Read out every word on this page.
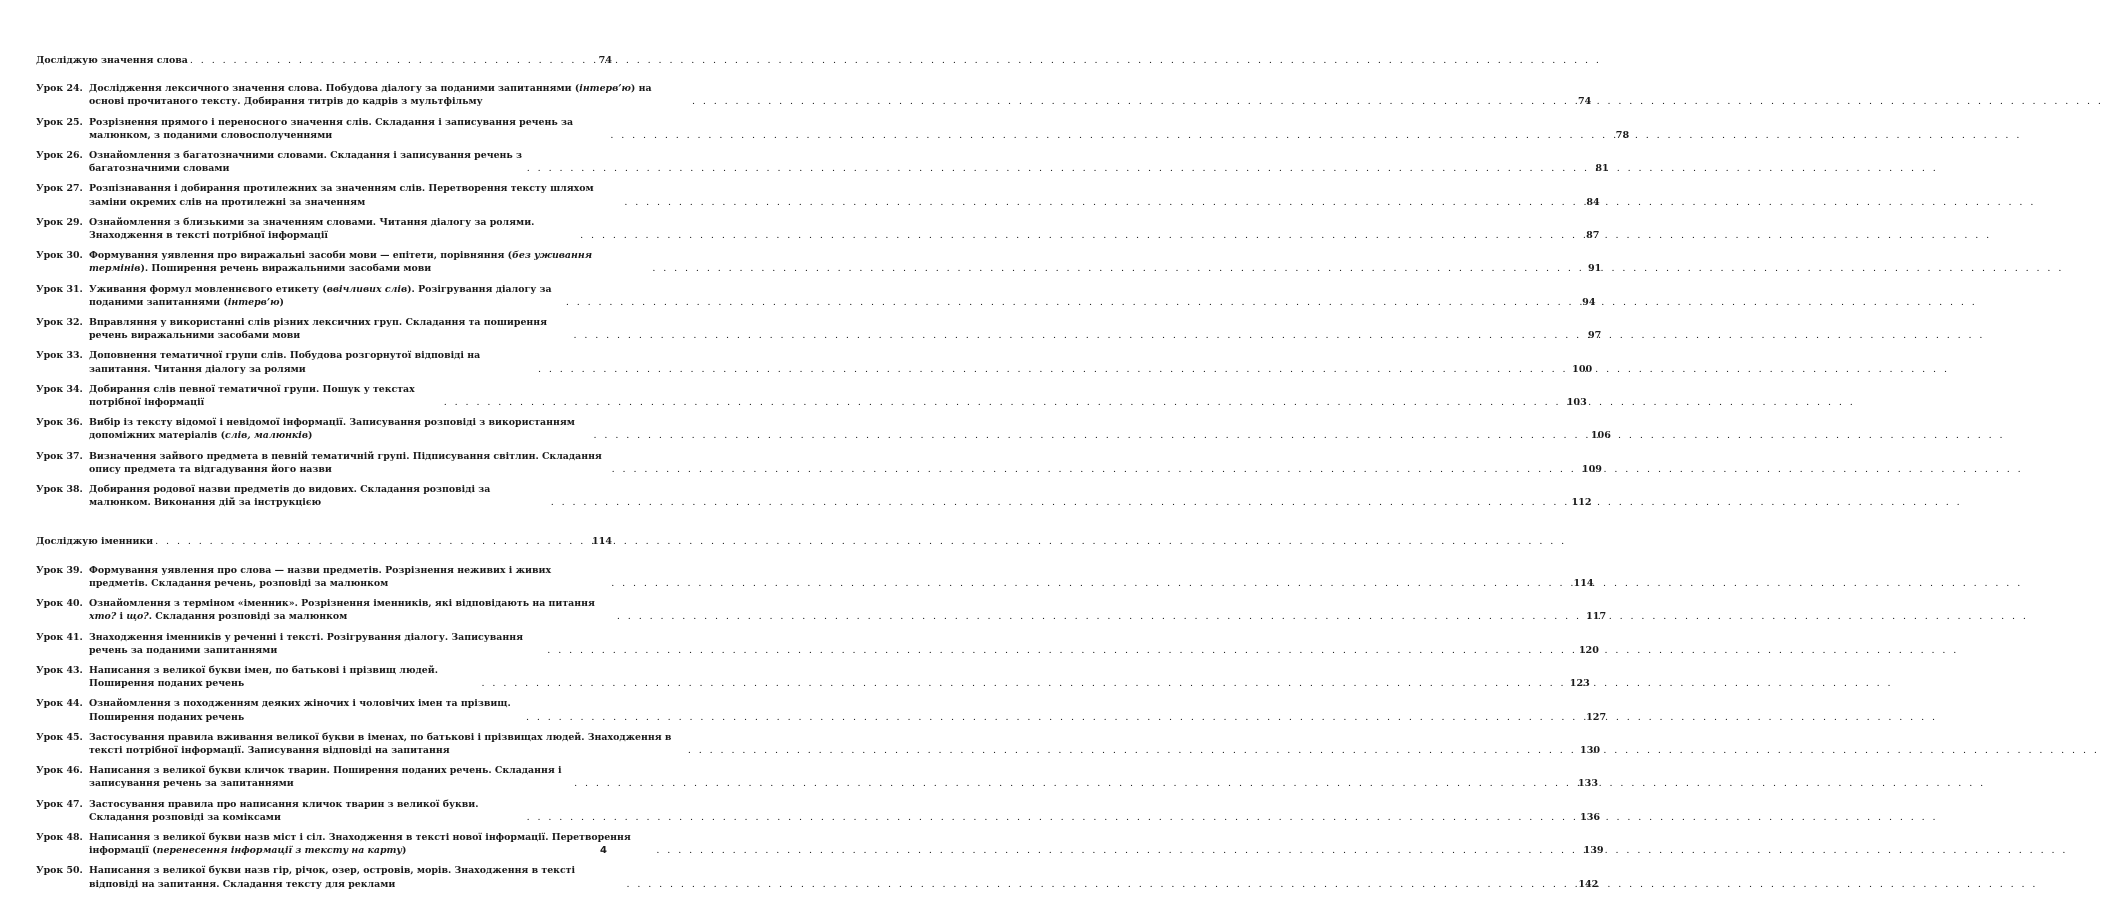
Досліджую значення слова . . .	74
Урок 24. Дослідження лексичного значення слова. Побудова діалогу за поданими запитаннями (інтерв’ю) на основі прочитаного тексту. Добирання титрів до кадрів з мультфільму . . .	74
Урок 25. Розрізнення прямого і переносного значення слів. Складання і записування речень за малюнком, з поданими словосполученнями . . .	78
Урок 26. Ознайомлення з багатозначними словами. Складання і записування речень з багатозначними словами . . .	81
Урок 27. Розпізнавання і добирання протилежних за значенням слів. Перетворення тексту шляхом заміни окремих слів на протилежні за значенням . . .	84
Урок 29. Ознайомлення з близькими за значенням словами. Читання діалогу за ролями. Знаходження в тексті потрібної інформації . . .	87
Урок 30. Формування уявлення про виражальні засоби мови — епітети, порівняння (без уживання термінів). Поширення речень виражальними засобами мови . . .	91
Урок 31. Уживання формул мовленнєвого етикету (ввічливих слів). Розігрування діалогу за поданими запитаннями (інтерв’ю) . . .	94
Урок 32. Вправляння у використанні слів різних лексичних груп. Складання та поширення речень виражальними засобами мови . . .	97
Урок 33. Доповнення тематичної групи слів. Побудова розгорнутої відповіді на запитання. Читання діалогу за ролями . . .	100
Урок 34. Добирання слів певної тематичної групи. Пошук у текстах потрібної інформації . . .	103
Урок 36. Вибір із тексту відомої і невідомої інформації. Записування розповіді з використанням допоміжних матеріалів (слів, малюнків) . . .	106
Урок 37. Визначення зайвого предмета в певній тематичній групі. Підписування світлин. Складання опису предмета та відгадування його назви . . .	109
Урок 38. Добирання родової назви предметів до видових. Складання розповіді за малюнком. Виконання дій за інструкцією . . .	112
Досліджую іменники . . .	114
Урок 39. Формування уявлення про слова — назви предметів. Розрізнення неживих і живих предметів. Складання речень, розповіді за малюнком . . .	114
Урок 40. Ознайомлення з терміном «іменник». Розрізнення іменників, які відповідають на питання хто? і що?. Складання розповіді за малюнком . . .	117
Урок 41. Знаходження іменників у реченні і тексті. Розігрування діалогу. Записування речень за поданими запитаннями . . .	120
Урок 43. Написання з великої букви імен, по батькові і прізвищ людей. Поширення поданих речень . . .	123
Урок 44. Ознайомлення з походженням деяких жіночих і чоловічих імен та прізвищ. Поширення поданих речень . . .	127
Урок 45. Застосування правила вживання великої букви в іменах, по батькові і прізвищах людей. Знаходження в тексті потрібної інформації. Записування відповіді на запитання . . .	130
Урок 46. Написання з великої букви кличок тварин. Поширення поданих речень. Складання і записування речень за запитаннями . . .	133
Урок 47. Застосування правила про написання кличок тварин з великої букви. Складання розповіді за коміксами . . .	136
Урок 48. Написання з великої букви назв міст і сіл. Знаходження в тексті нової інформації. Перетворення інформації (перенесення інформації з тексту на карту) . . .	139
Урок 50. Написання з великої букви назв гір, річок, озер, островів, морів. Знаходження в тексті відповіді на запитання. Складання тексту для реклами . . .	142
4
